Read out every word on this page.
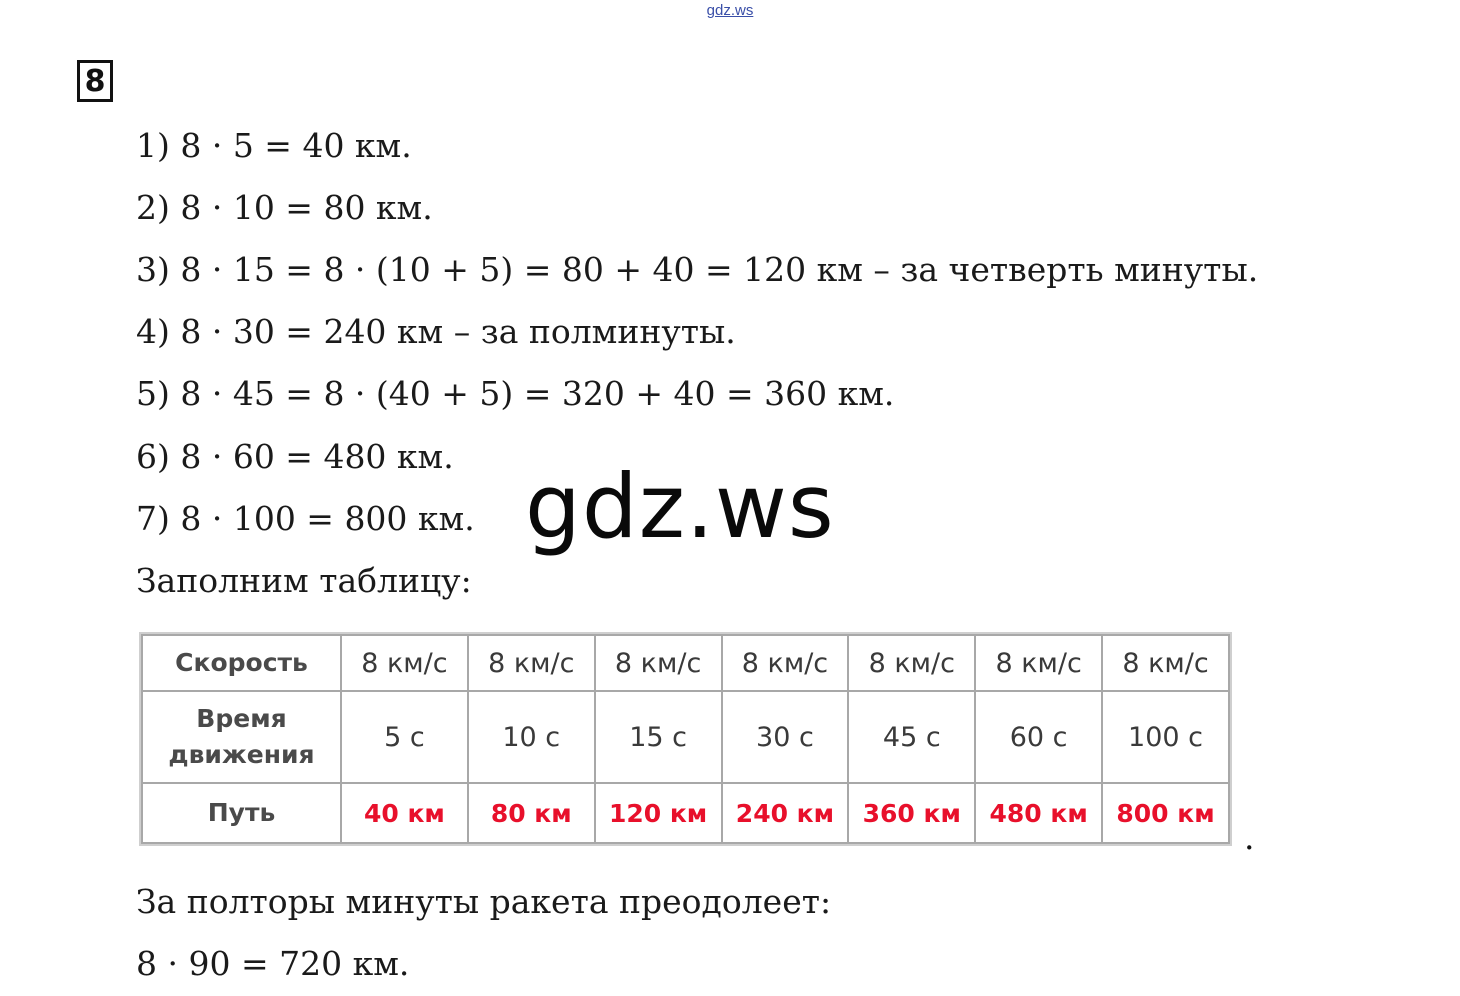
gdz.ws
8
1) 8 · 5 = 40 км.
2) 8 · 10 = 80 км.
3) 8 · 15 = 8 · (10 + 5) = 80 + 40 = 120 км – за четверть минуты.
4) 8 · 30 = 240 км – за полминуты.
5) 8 · 45 = 8 · (40 + 5) = 320 + 40 = 360 км.
6) 8 · 60 = 480 км.
7) 8 · 100 = 800 км.
Заполним таблицу:
gdz.ws
Скорость	8 км/с	8 км/с	8 км/с	8 км/с	8 км/с	8 км/с	8 км/с
Время движения	5 с	10 с	15 с	30 с	45 с	60 с	100 с
Путь	40 км	80 км	120 км	240 км	360 км	480 км	800 км
.
За полторы минуты ракета преодолеет:
8 · 90 = 720 км.
